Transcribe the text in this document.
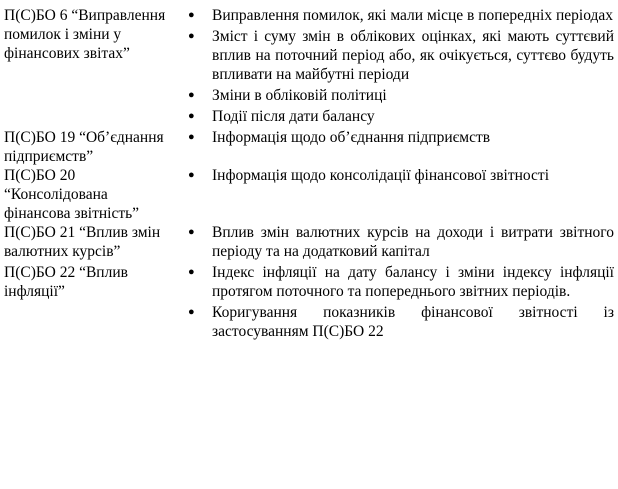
П(С)БО 6 “Виправлення помилок і зміни у фінансових звітах”
●	Виправлення помилок, які мали місце в попередніх періодах
●	Зміст і суму змін в облікових оцінках, які мають суттєвий вплив на поточний період або, як очікується, суттєво будуть впливати на майбутні періоди
●	Зміни в обліковій політиці
●	Події після дати балансу
П(С)БО 19 “Об’єднання підприємств”
●	Інформація щодо об’єднання підприємств
П(С)БО 20 “Консолідована фінансова звітність”
●	Інформація щодо консолідації фінансової звітності
П(С)БО 21 “Вплив змін валютних курсів”
●	Вплив змін валютних курсів на доходи і витрати звітного періоду та на додатковий капітал
П(С)БО 22 “Вплив інфляції”
●	Індекс інфляції на дату балансу і зміни індексу інфляції протягом поточного та попереднього звітних періодів.
●	Коригування показників фінансової звітності із застосуванням П(С)БО 22
